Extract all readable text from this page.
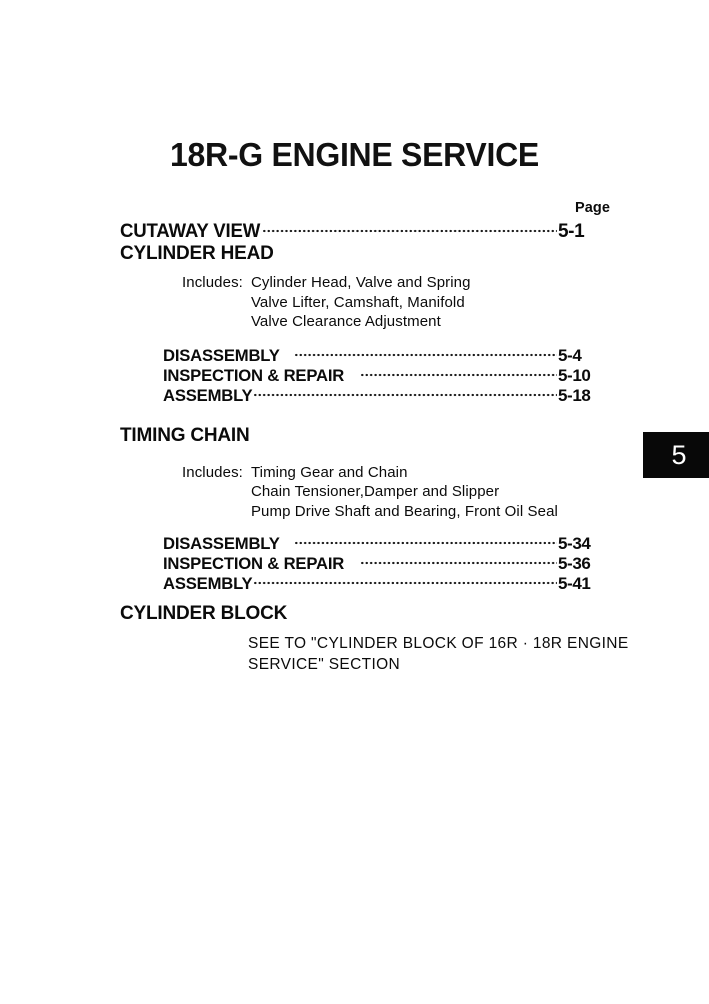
18R-G ENGINE SERVICE
Page
CUTAWAY VIEW	5-1
CYLINDER HEAD
Includes: Cylinder Head, Valve and Spring
Valve Lifter, Camshaft, Manifold
Valve Clearance Adjustment
DISASSEMBLY	5-4
INSPECTION & REPAIR	5-10
ASSEMBLY	5-18
TIMING CHAIN
Includes: Timing Gear and Chain
Chain Tensioner,Damper and Slipper
Pump Drive Shaft and Bearing, Front Oil Seal
DISASSEMBLY	5-34
INSPECTION & REPAIR	5-36
ASSEMBLY	5-41
CYLINDER BLOCK
SEE TO "CYLINDER BLOCK OF 16R · 18R ENGINE
SERVICE" SECTION
5
